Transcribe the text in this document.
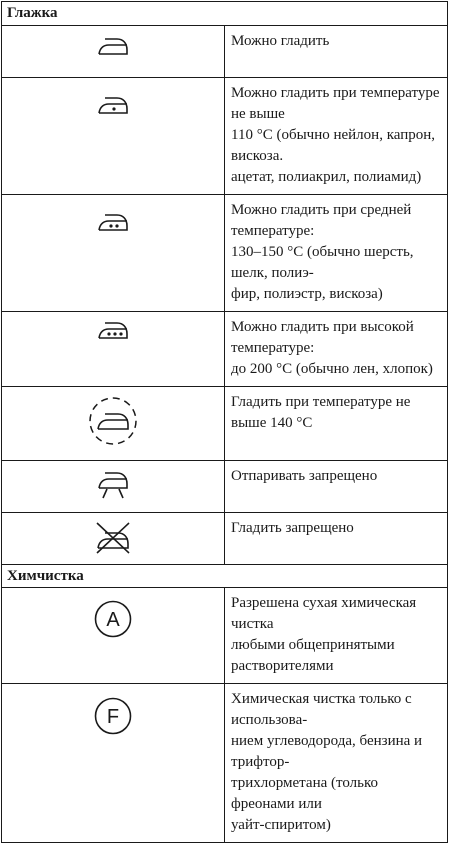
Глажка	

Можно гладить

Можно гладить при температуре не выше
110 °С (обычно нейлон, капрон, вискоза.
ацетат, полиакрил, полиамид)

Можно гладить при средней температуре:
130–150 °С (обычно шерсть, шелк, полиэ-
фир, полиэстр, вискоза)

Можно гладить при высокой температуре:
до 200 °С (обычно лен, хлопок)

Гладить при температуре не выше 140 °С

Отпаривать запрещено

Гладить запрещено

Химчистка	

A	Разрешена сухая химическая чистка
любыми общепринятыми растворителями

F	Химическая чистка только с использова-
нием углеводорода, бензина и трифтор-
трихлорметана (только фреонами или
уайт-спиритом)
